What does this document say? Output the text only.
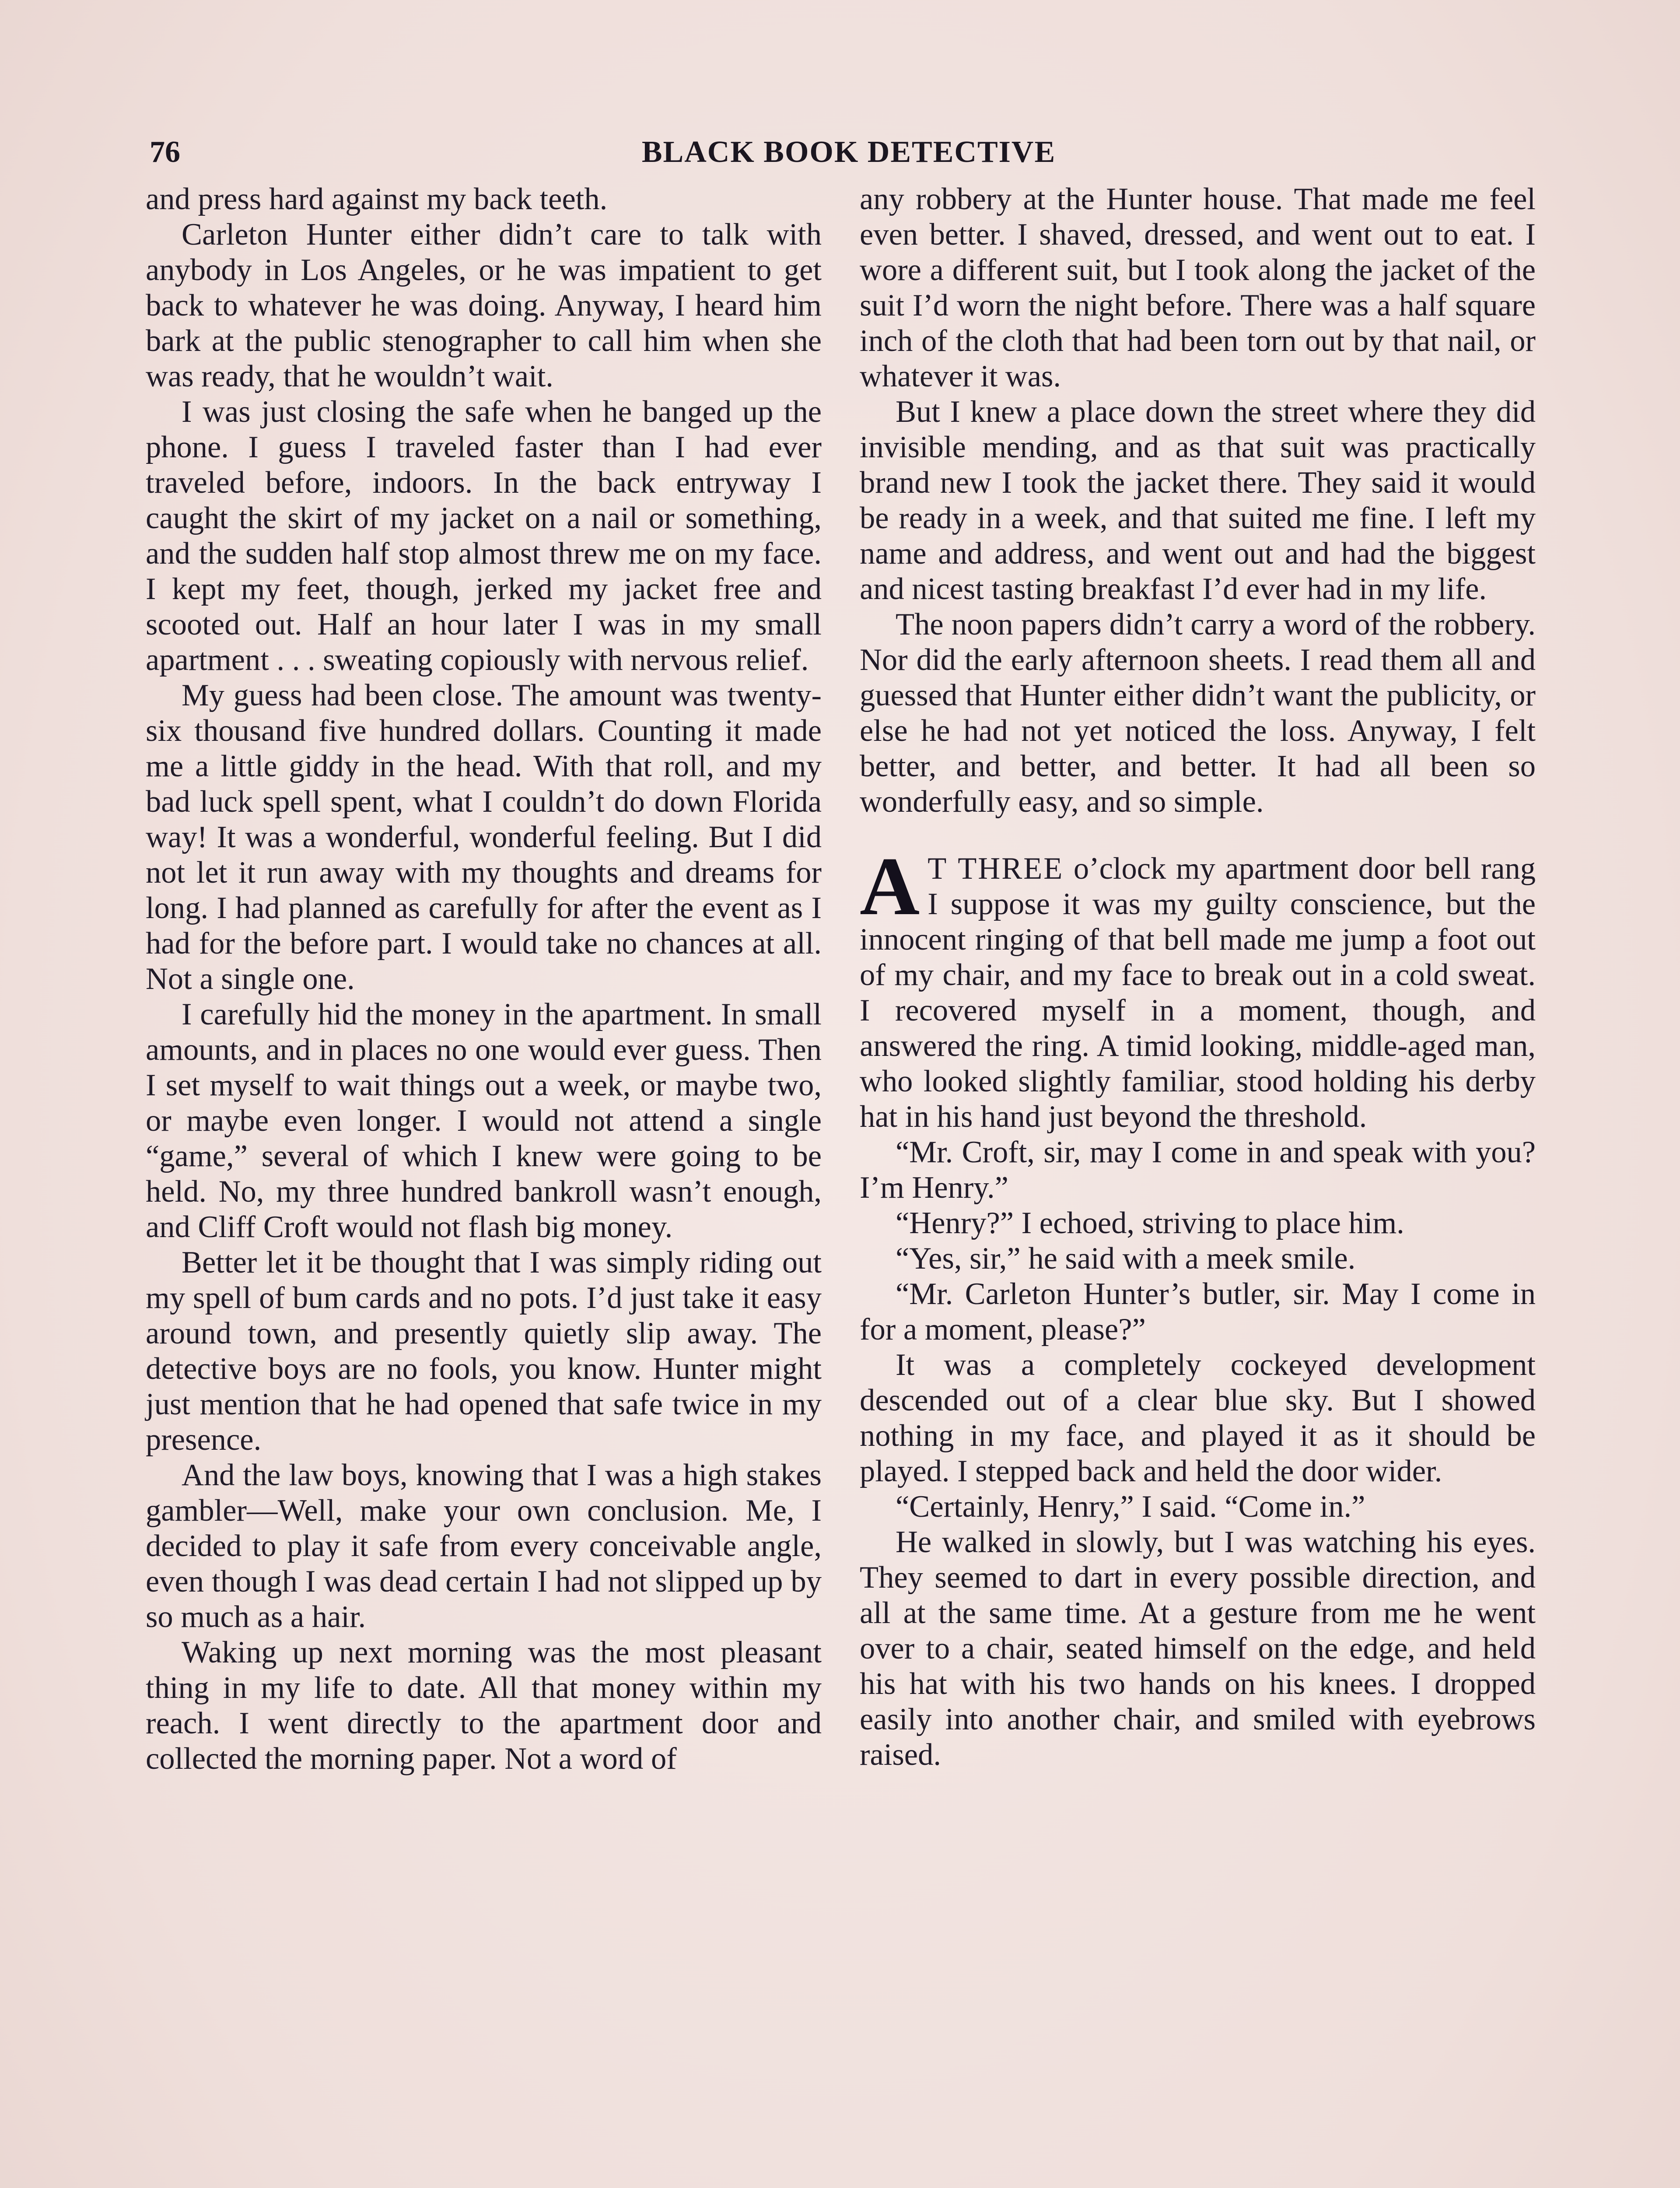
76	BLACK BOOK DETECTIVE

and press hard against my back teeth.

Carleton Hunter either didn’t care to talk with anybody in Los Angeles, or he was impatient to get back to whatever he was doing. Anyway, I heard him bark at the public stenographer to call him when she was ready, that he wouldn’t wait.

I was just closing the safe when he banged up the phone. I guess I traveled faster than I had ever traveled before, indoors. In the back entryway I caught the skirt of my jacket on a nail or something, and the sudden half stop almost threw me on my face. I kept my feet, though, jerked my jacket free and scooted out. Half an hour later I was in my small apartment . . . sweating copiously with nervous relief.

My guess had been close. The amount was twenty-six thousand five hundred dollars. Counting it made me a little giddy in the head. With that roll, and my bad luck spell spent, what I couldn’t do down Florida way! It was a wonderful, wonderful feeling. But I did not let it run away with my thoughts and dreams for long. I had planned as carefully for after the event as I had for the before part. I would take no chances at all. Not a single one.

I carefully hid the money in the apartment. In small amounts, and in places no one would ever guess. Then I set myself to wait things out a week, or maybe two, or maybe even longer. I would not attend a single “game,” several of which I knew were going to be held. No, my three hundred bankroll wasn’t enough, and Cliff Croft would not flash big money.

Better let it be thought that I was simply riding out my spell of bum cards and no pots. I’d just take it easy around town, and presently quietly slip away. The detective boys are no fools, you know. Hunter might just mention that he had opened that safe twice in my presence.

And the law boys, knowing that I was a high stakes gambler—Well, make your own conclusion. Me, I decided to play it safe from every conceivable angle, even though I was dead certain I had not slipped up by so much as a hair.

Waking up next morning was the most pleasant thing in my life to date. All that money within my reach. I went directly to the apartment door and collected the morning paper. Not a word of

any robbery at the Hunter house. That made me feel even better. I shaved, dressed, and went out to eat. I wore a different suit, but I took along the jacket of the suit I’d worn the night before. There was a half square inch of the cloth that had been torn out by that nail, or whatever it was.

But I knew a place down the street where they did invisible mending, and as that suit was practically brand new I took the jacket there. They said it would be ready in a week, and that suited me fine. I left my name and address, and went out and had the biggest and nicest tasting breakfast I’d ever had in my life.

The noon papers didn’t carry a word of the robbery. Nor did the early afternoon sheets. I read them all and guessed that Hunter either didn’t want the publicity, or else he had not yet noticed the loss. Anyway, I felt better, and better, and better. It had all been so wonderfully easy, and so simple.

A T THREE o’clock my apartment door bell rang I suppose it was my guilty conscience, but the innocent ringing of that bell made me jump a foot out of my chair, and my face to break out in a cold sweat. I recovered myself in a moment, though, and answered the ring. A timid looking, middle-aged man, who looked slightly familiar, stood holding his derby hat in his hand just beyond the threshold.

“Mr. Croft, sir, may I come in and speak with you? I’m Henry.”

“Henry?” I echoed, striving to place him.

“Yes, sir,” he said with a meek smile.

“Mr. Carleton Hunter’s butler, sir. May I come in for a moment, please?”

It was a completely cockeyed development descended out of a clear blue sky. But I showed nothing in my face, and played it as it should be played. I stepped back and held the door wider.

“Certainly, Henry,” I said. “Come in.”

He walked in slowly, but I was watching his eyes. They seemed to dart in every possible direction, and all at the same time. At a gesture from me he went over to a chair, seated himself on the edge, and held his hat with his two hands on his knees. I dropped easily into another chair, and smiled with eyebrows raised.
